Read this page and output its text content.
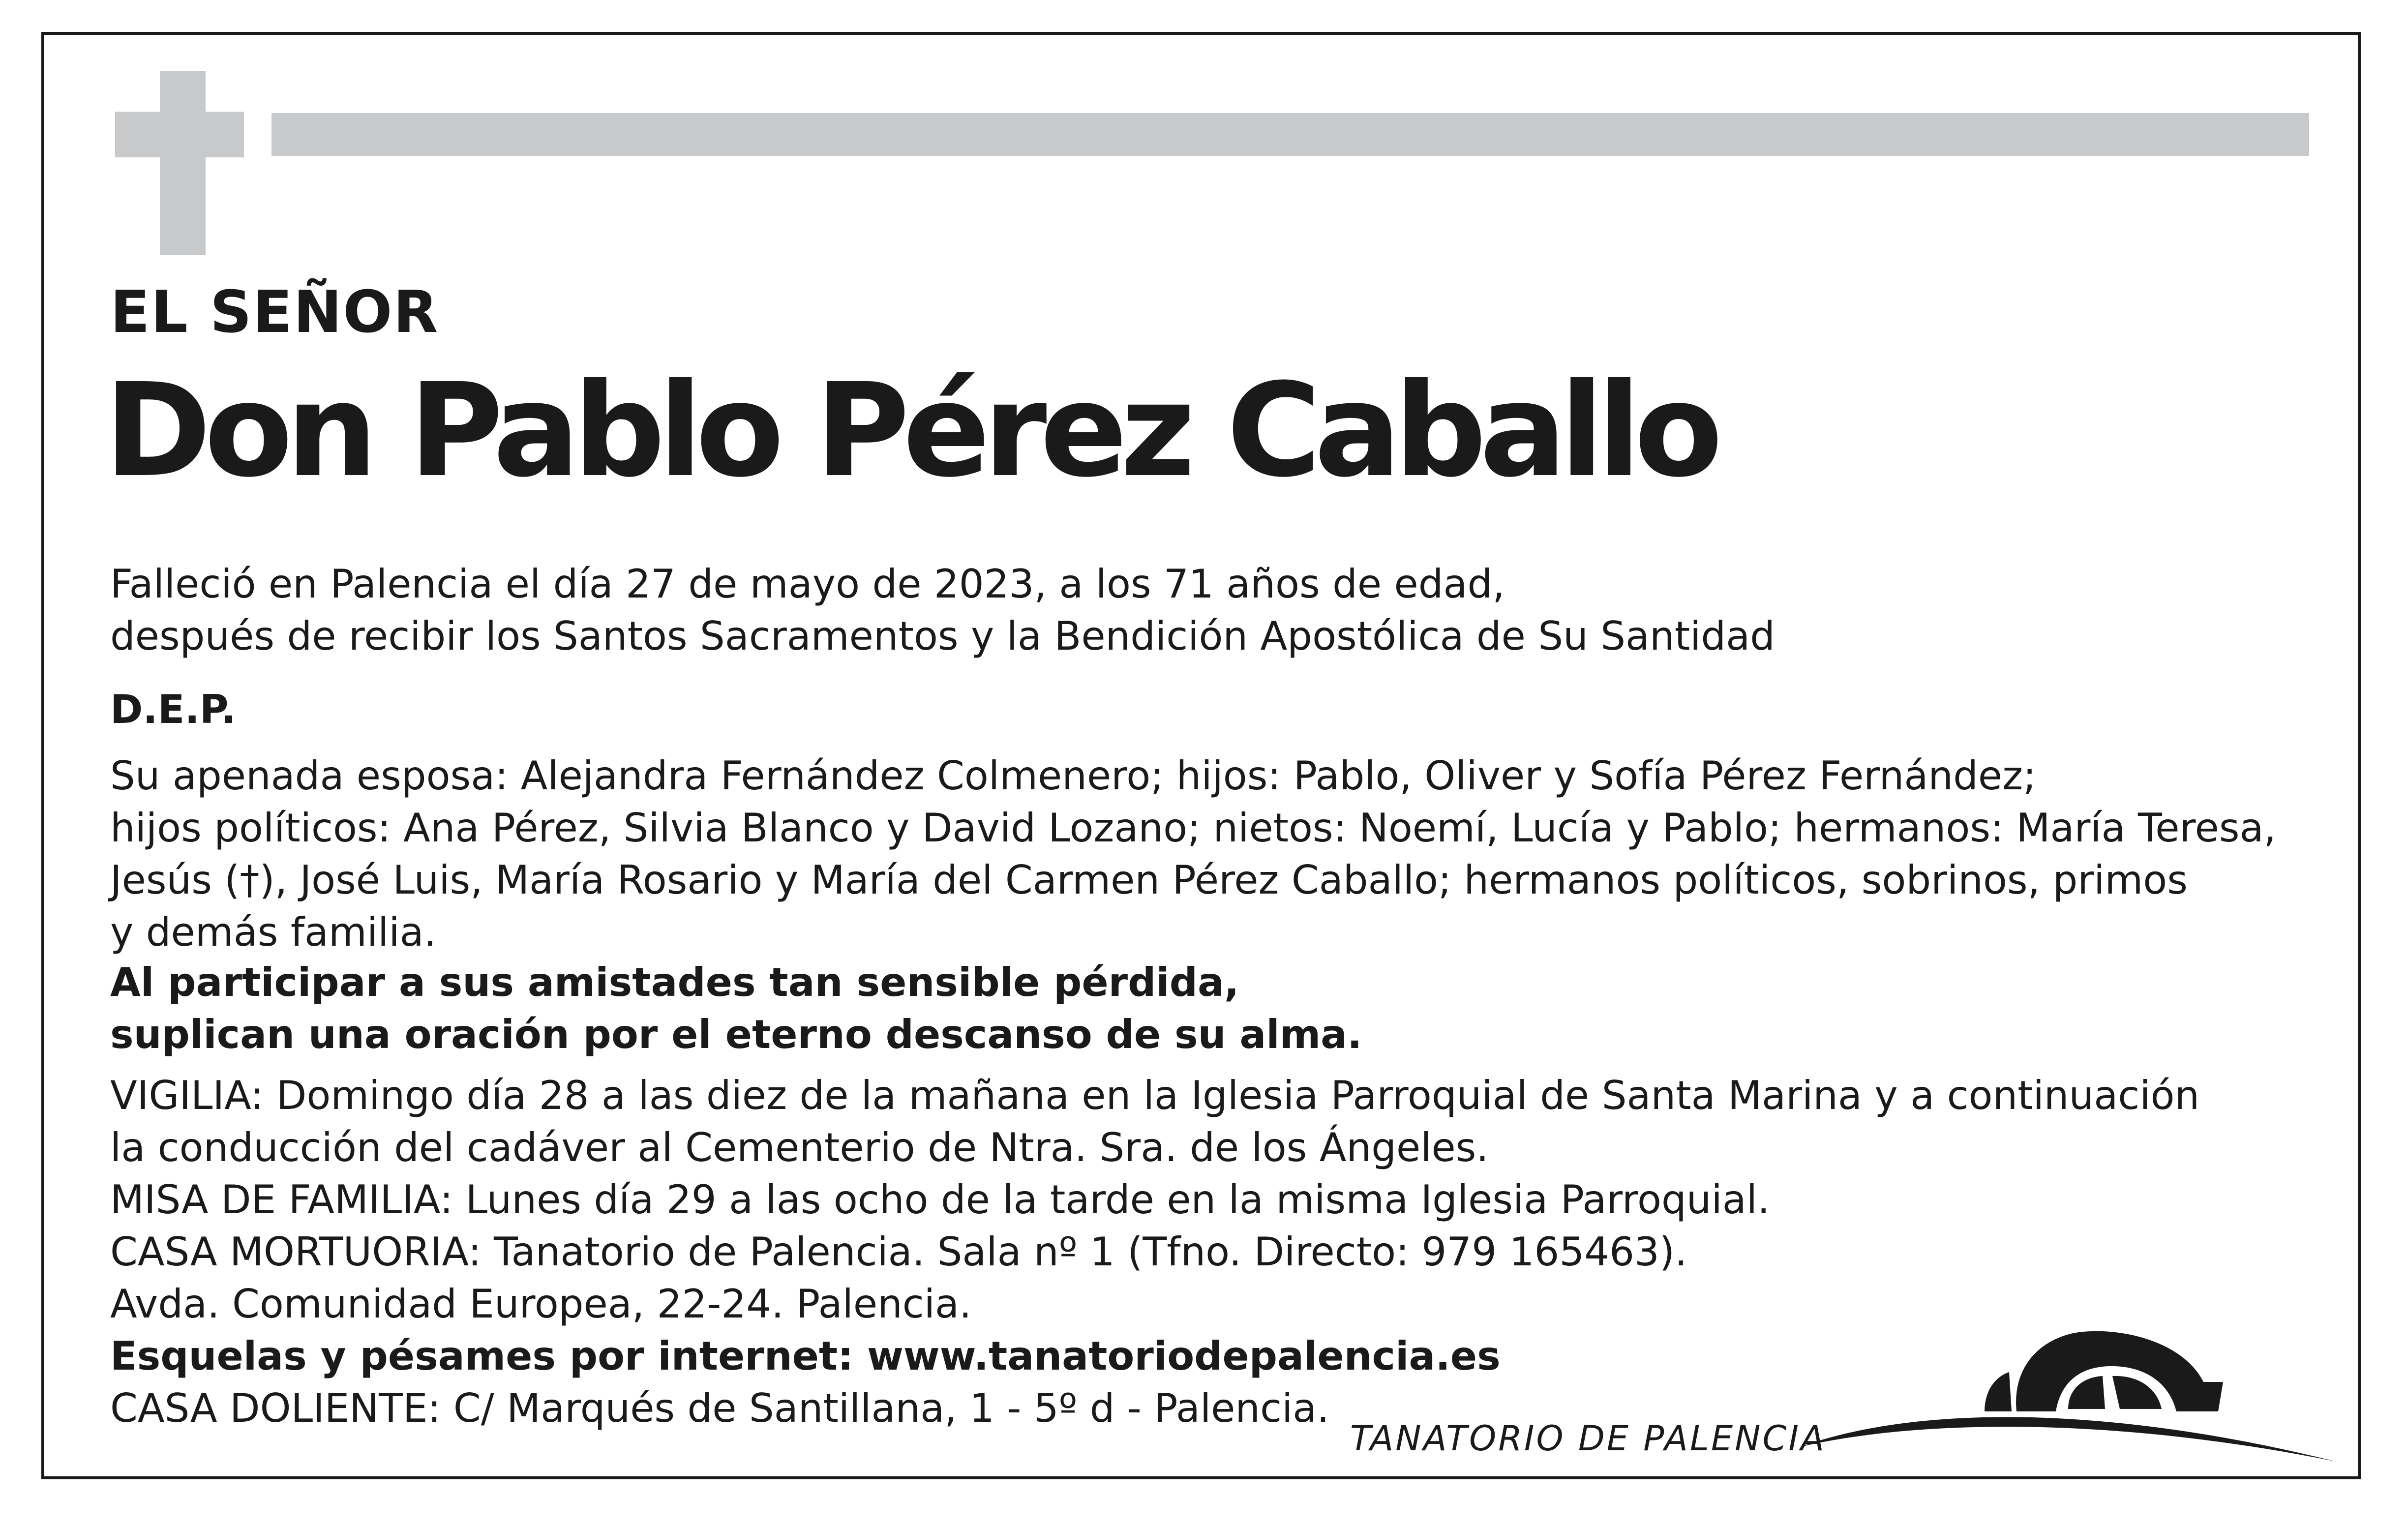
EL SEÑOR
Don Pablo Pérez Caballo
Falleció en Palencia el día 27 de mayo de 2023, a los 71 años de edad,
después de recibir los Santos Sacramentos y la Bendición Apostólica de Su Santidad
D.E.P.
Su apenada esposa: Alejandra Fernández Colmenero; hijos: Pablo, Oliver y Sofía Pérez Fernández;
hijos políticos: Ana Pérez, Silvia Blanco y David Lozano; nietos: Noemí, Lucía y Pablo; hermanos: María Teresa,
Jesús (†), José Luis, María Rosario y María del Carmen Pérez Caballo; hermanos políticos, sobrinos, primos
y demás familia.
Al participar a sus amistades tan sensible pérdida,
suplican una oración por el eterno descanso de su alma.
VIGILIA: Domingo día 28 a las diez de la mañana en la Iglesia Parroquial de Santa Marina y a continuación
la conducción del cadáver al Cementerio de Ntra. Sra. de los Ángeles.
MISA DE FAMILIA: Lunes día 29 a las ocho de la tarde en la misma Iglesia Parroquial.
CASA MORTUORIA: Tanatorio de Palencia. Sala nº 1 (Tfno. Directo: 979 165463).
Avda. Comunidad Europea, 22-24. Palencia.
Esquelas y pésames por internet: www.tanatoriodepalencia.es
CASA DOLIENTE: C/ Marqués de Santillana, 1 - 5º d - Palencia.
TANATORIO DE PALENCIA
